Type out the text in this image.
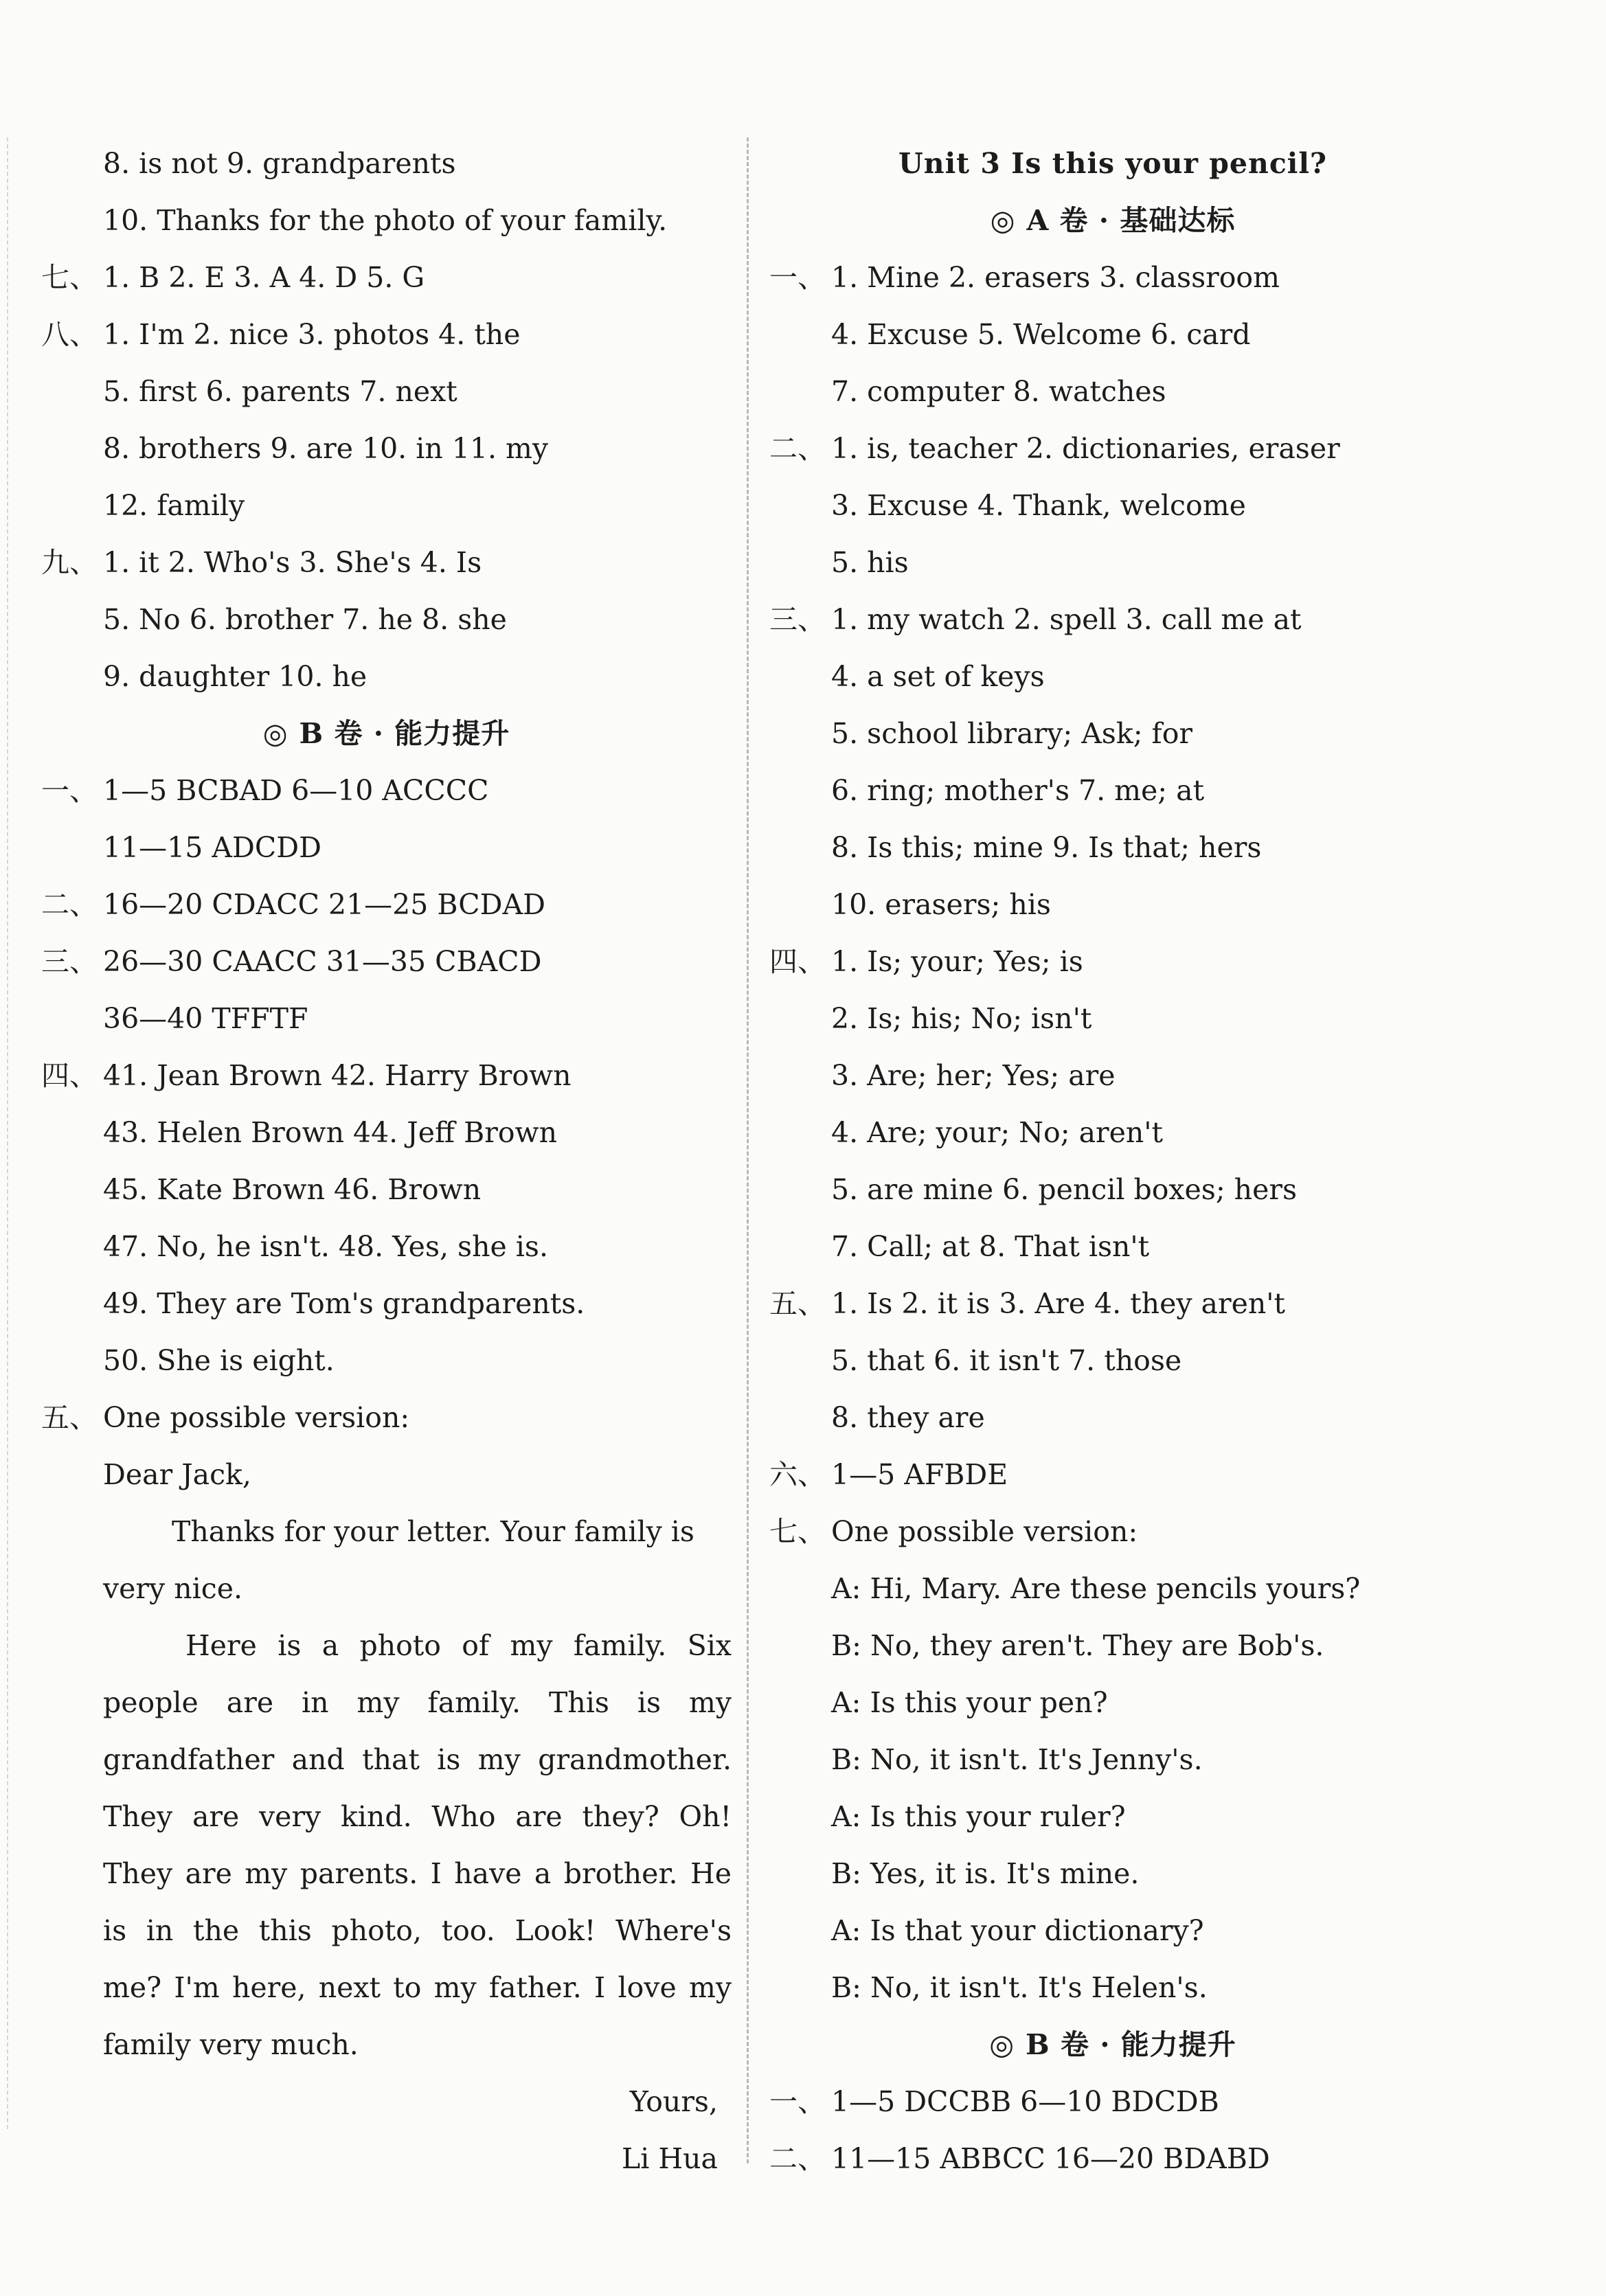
8. is not 9. grandparents
10. Thanks for the photo of your family.
七、 1. B 2. E 3. A 4. D 5. G
八、 1. I'm 2. nice 3. photos 4. the
5. first 6. parents 7. next
8. brothers 9. are 10. in 11. my
12. family
九、 1. it 2. Who's 3. She's 4. Is
5. No 6. brother 7. he 8. she
9. daughter 10. he
◎ B 卷 · 能力提升
一、 1—5 BCBAD 6—10 ACCCC
11—15 ADCDD
二、 16—20 CDACC 21—25 BCDAD
三、 26—30 CAACC 31—35 CBACD
36—40 TFFTF
四、 41. Jean Brown 42. Harry Brown
43. Helen Brown 44. Jeff Brown
45. Kate Brown 46. Brown
47. No, he isn't. 48. Yes, she is.
49. They are Tom's grandparents.
50. She is eight.
五、 One possible version:
Dear Jack,
Thanks for your letter. Your family is
very nice.
Here is a photo of my family. Six
people are in my family. This is my
grandfather and that is my grandmother.
They are very kind. Who are they? Oh!
They are my parents. I have a brother. He
is in the this photo, too. Look! Where's
me? I'm here, next to my father. I love my
family very much.
Yours,
Li Hua
Unit 3 Is this your pencil?
◎ A 卷 · 基础达标
一、 1. Mine 2. erasers 3. classroom
4. Excuse 5. Welcome 6. card
7. computer 8. watches
二、 1. is, teacher 2. dictionaries, eraser
3. Excuse 4. Thank, welcome
5. his
三、 1. my watch 2. spell 3. call me at
4. a set of keys
5. school library; Ask; for
6. ring; mother's 7. me; at
8. Is this; mine 9. Is that; hers
10. erasers; his
四、 1. Is; your; Yes; is
2. Is; his; No; isn't
3. Are; her; Yes; are
4. Are; your; No; aren't
5. are mine 6. pencil boxes; hers
7. Call; at 8. That isn't
五、 1. Is 2. it is 3. Are 4. they aren't
5. that 6. it isn't 7. those
8. they are
六、 1—5 AFBDE
七、 One possible version:
A: Hi, Mary. Are these pencils yours?
B: No, they aren't. They are Bob's.
A: Is this your pen?
B: No, it isn't. It's Jenny's.
A: Is this your ruler?
B: Yes, it is. It's mine.
A: Is that your dictionary?
B: No, it isn't. It's Helen's.
◎ B 卷 · 能力提升
一、 1—5 DCCBB 6—10 BDCDB
二、 11—15 ABBCC 16—20 BDABD
